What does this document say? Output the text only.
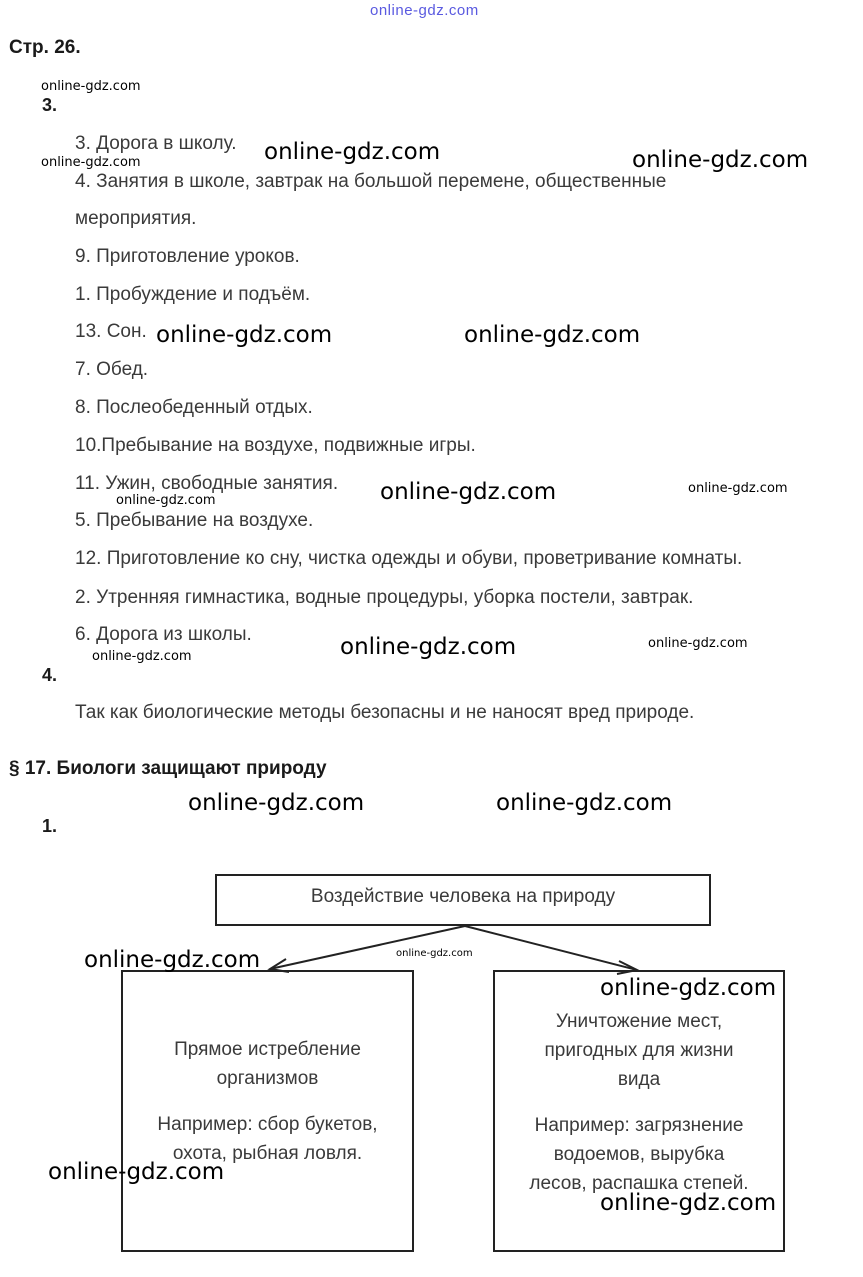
online-gdz.com
Стр. 26.
3.
3. Дорога в школу.
4. Занятия в школе, завтрак на большой перемене, общественные
мероприятия.
9. Приготовление уроков.
1. Пробуждение и подъём.
13. Сон.
7. Обед.
8. Послеобеденный отдых.
10.Пребывание на воздухе, подвижные игры.
11. Ужин, свободные занятия.
5. Пребывание на воздухе.
12. Приготовление ко сну, чистка одежды и обуви, проветривание комнаты.
2. Утренняя гимнастика, водные процедуры, уборка постели, завтрак.
6. Дорога из школы.
4.
Так как биологические методы безопасны и не наносят вред природе.
§ 17. Биологи защищают природу
1.
Воздействие человека на природу
Прямое истребление
организмов
Например: сбор букетов,
охота, рыбная ловля.
Уничтожение мест,
пригодных для жизни
вида
Например: загрязнение
водоемов, вырубка
лесов, распашка степей.
online-gdz.com
online-gdz.com	online-gdz.com	online-gdz.com
online-gdz.com	online-gdz.com
online-gdz.com	online-gdz.com
online-gdz.com
online-gdz.com	online-gdz.com
online-gdz.com
online-gdz.com	online-gdz.com
online-gdz.com
online-gdz.com
online-gdz.com
online-gdz.com
online-gdz.com
